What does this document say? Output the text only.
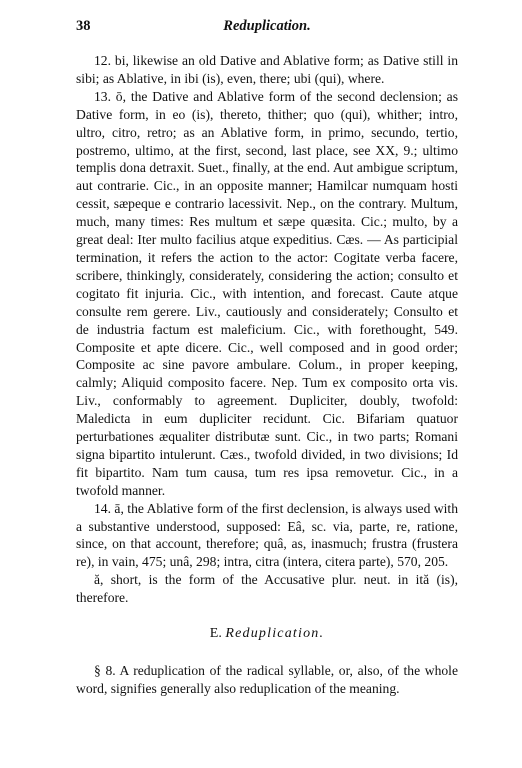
38	Reduplication.

12. bi, likewise an old Dative and Ablative form; as Dative still in sibi; as Ablative, in ibi (is), even, there; ubi (qui), where.

13. ō, the Dative and Ablative form of the second declension; as Dative form, in eo (is), thereto, thither; quo (qui), whither; intro, ultro, citro, retro; as an Ablative form, in primo, secundo, tertio, postremo, ultimo, at the first, second, last place, see XX, 9.; ultimo templis dona detraxit. Suet., finally, at the end. Aut ambigue scriptum, aut contrarie. Cic., in an opposite manner; Hamilcar numquam hosti cessit, sæpeque e contrario lacessivit. Nep., on the contrary. Multum, much, many times: Res multum et sæpe quæsita. Cic.; multo, by a great deal: Iter multo facilius atque expeditius. Cæs. — As participial termination, it refers the action to the actor: Cogitate verba facere, scribere, thinkingly, considerately, considering the action; consulto et cogitato fit injuria. Cic., with intention, and forecast. Caute atque consulte rem gerere. Liv., cautiously and considerately; Consulto et de industria factum est maleficium. Cic., with forethought, 549. Composite et apte dicere. Cic., well composed and in good order; Composite ac sine pavore ambulare. Colum., in proper keeping, calmly; Aliquid composito facere. Nep. Tum ex composito orta vis. Liv., conformably to agreement. Dupliciter, doubly, twofold: Maledicta in eum dupliciter recidunt. Cic. Bifariam quatuor perturbationes æqualiter distributæ sunt. Cic., in two parts; Romani signa bipartito intulerunt. Cæs., twofold divided, in two divisions; Id fit bipartito. Nam tum causa, tum res ipsa removetur. Cic., in a twofold manner.

14. ā, the Ablative form of the first declension, is always used with a substantive understood, supposed: Eâ, sc. via, parte, re, ratione, since, on that account, therefore; quâ, as, inasmuch; frustra (frustera re), in vain, 475; unâ, 298; intra, citra (intera, citera parte), 570, 205.

ă, short, is the form of the Accusative plur. neut. in ită (is), therefore.

E. Reduplication.

§ 8. A reduplication of the radical syllable, or, also, of the whole word, signifies generally also reduplication of the meaning.
